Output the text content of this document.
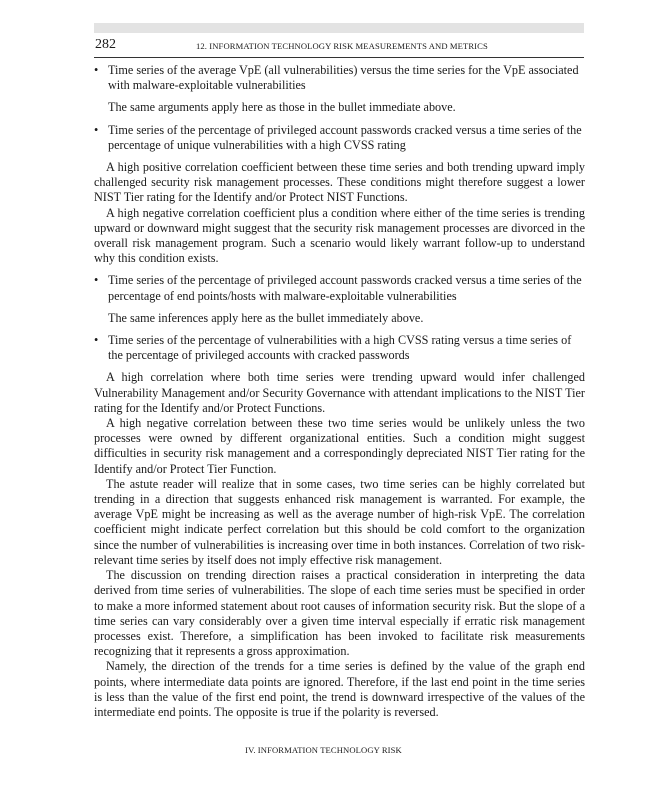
282	12. INFORMATION TECHNOLOGY RISK MEASUREMENTS AND METRICS
• Time series of the average VpE (all vulnerabilities) versus the time series for the VpE associated with malware-exploitable vulnerabilities

The same arguments apply here as those in the bullet immediate above.

• Time series of the percentage of privileged account passwords cracked versus a time series of the percentage of unique vulnerabilities with a high CVSS rating

A high positive correlation coefficient between these time series and both trending upward imply challenged security risk management processes. These conditions might therefore suggest a lower NIST Tier rating for the Identify and/or Protect NIST Functions.

A high negative correlation coefficient plus a condition where either of the time series is trending upward or downward might suggest that the security risk management processes are divorced in the overall risk management program. Such a scenario would likely warrant follow-up to understand why this condition exists.

• Time series of the percentage of privileged account passwords cracked versus a time series of the percentage of end points/hosts with malware-exploitable vulnerabilities

The same inferences apply here as the bullet immediately above.

• Time series of the percentage of vulnerabilities with a high CVSS rating versus a time series of the percentage of privileged accounts with cracked passwords

A high correlation where both time series were trending upward would infer challenged Vulnerability Management and/or Security Governance with attendant implications to the NIST Tier rating for the Identify and/or Protect Functions.

A high negative correlation between these two time series would be unlikely unless the two processes were owned by different organizational entities. Such a condition might suggest difficulties in security risk management and a correspondingly depreciated NIST Tier rating for the Identify and/or Protect Tier Function.

The astute reader will realize that in some cases, two time series can be highly correlated but trending in a direction that suggests enhanced risk management is warranted. For example, the average VpE might be increasing as well as the average number of high-risk VpE. The correlation coefficient might indicate perfect correlation but this should be cold comfort to the organization since the number of vulnerabilities is increasing over time in both instances. Correlation of two risk-relevant time series by itself does not imply effective risk management.

The discussion on trending direction raises a practical consideration in interpreting the data derived from time series of vulnerabilities. The slope of each time series must be specified in order to make a more informed statement about root causes of information security risk. But the slope of a time series can vary considerably over a given time interval especially if erratic risk management processes exist. Therefore, a simplification has been invoked to facilitate risk measurements recognizing that it represents a gross approximation.

Namely, the direction of the trends for a time series is defined by the value of the graph end points, where intermediate data points are ignored. Therefore, if the last end point in the time series is less than the value of the first end point, the trend is downward irrespective of the values of the intermediate end points. The opposite is true if the polarity is reversed.

IV. INFORMATION TECHNOLOGY RISK
